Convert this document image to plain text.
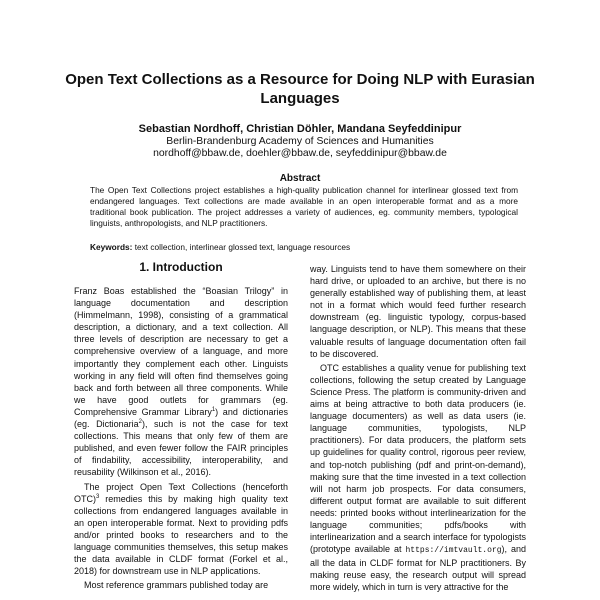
Open Text Collections as a Resource for Doing NLP with Eurasian Languages
Sebastian Nordhoff, Christian Döhler, Mandana Seyfeddinipur
Berlin-Brandenburg Academy of Sciences and Humanities
nordhoff@bbaw.de, doehler@bbaw.de, seyfeddinipur@bbaw.de
Abstract
The Open Text Collections project establishes a high-quality publication channel for interlinear glossed text from endangered languages. Text collections are made available in an open interoperable format and as a more traditional book publication. The project addresses a variety of audiences, eg. community members, typological linguists, anthropologists, and NLP practitioners.
Keywords: text collection, interlinear glossed text, language resources
1. Introduction

Franz Boas established the “Boasian Trilogy” in language documentation and description (Himmelmann, 1998), consisting of a grammatical description, a dictionary, and a text collection. All three levels of description are necessary to get a comprehensive overview of a language, and more importantly they complement each other. Linguists working in any field will often find themselves going back and forth between all three components. While we have good outlets for grammars (eg. Comprehensive Grammar Library$^1$) and dictionaries (eg. Dictionaria$^2$), such is not the case for text collections. This means that only few of them are published, and even fewer follow the FAIR principles of findability, accessibility, interoperability, and reusability (Wilkinson et al., 2016).

The project Open Text Collections (henceforth OTC)$^3$ remedies this by making high quality text collections from endangered languages available in an open interoperable format. Next to providing pdfs and/or printed books to researchers and to the language communities themselves, this setup makes the data available in CLDF format (Forkel et al., 2018) for downstream use in NLP applications.

Most reference grammars published today are

way. Linguists tend to have them somewhere on their hard drive, or uploaded to an archive, but there is no generally established way of publishing them, at least not in a format which would feed further research downstream (eg. linguistic typology, corpus-based language description, or NLP). This means that these valuable results of language documentation often fail to be discovered.

OTC establishes a quality venue for publishing text collections, following the setup created by Language Science Press. The platform is community-driven and aims at being attractive to both data producers (ie. language documenters) as well as data users (ie. language communities, typologists, NLP practitioners). For data producers, the platform sets up guidelines for quality control, rigorous peer review, and top-notch publishing (pdf and print-on-demand), making sure that the time invested in a text collection will not harm job prospects. For data consumers, different output format are available to suit different needs: printed books without interlinearization for the language communities; pdfs/books with interlinearization and a search interface for typologists (prototype available at https://imtvault.org), and all the data in CLDF format for NLP practitioners. By making reuse easy, the research output will spread more widely, which in turn is very attractive for the
